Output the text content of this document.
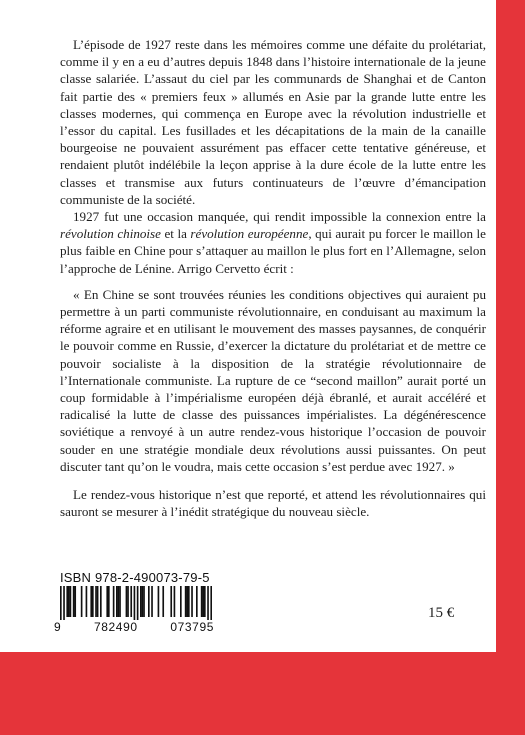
L’épisode de 1927 reste dans les mémoires comme une défaite du prolétariat, comme il y en a eu d’autres depuis 1848 dans l’histoire internationale de la jeune classe salariée. L’assaut du ciel par les communards de Shanghai et de Canton fait partie des « premiers feux » allumés en Asie par la grande lutte entre les classes modernes, qui commença en Europe avec la révolution industrielle et l’essor du capital. Les fusillades et les décapitations de la main de la canaille bourgeoise ne pouvaient assurément pas effacer cette tentative généreuse, et rendaient plutôt indélébile la leçon apprise à la dure école de la lutte entre les classes et transmise aux futurs continuateurs de l’œuvre d’émancipation communiste de la société.

1927 fut une occasion manquée, qui rendit impossible la connexion entre la révolution chinoise et la révolution européenne, qui aurait pu forcer le maillon le plus faible en Chine pour s’attaquer au maillon le plus fort en l’Allemagne, selon l’approche de Lénine. Arrigo Cervetto écrit :

« En Chine se sont trouvées réunies les conditions objectives qui auraient pu permettre à un parti communiste révolutionnaire, en conduisant au maximum la réforme agraire et en utilisant le mouvement des masses paysannes, de conquérir le pouvoir comme en Russie, d’exercer la dictature du prolétariat et de mettre ce pouvoir socialiste à la disposition de la stratégie révolutionnaire de l’Internationale communiste. La rupture de ce “second maillon” aurait porté un coup formidable à l’impérialisme européen déjà ébranlé, et aurait accéléré et radicalisé la lutte de classe des puissances impérialistes. La dégénérescence soviétique a renvoyé à un autre rendez-vous historique l’occasion de pouvoir souder en une stratégie mondiale deux révolutions aussi puissantes. On peut discuter tant qu’on le voudra, mais cette occasion s’est perdue avec 1927. »

Le rendez-vous historique n’est que reporté, et attend les révolutionnaires qui sauront se mesurer à l’inédit stratégique du nouveau siècle.

ISBN 978-2-490073-79-5
9	782490	073795
15 €
